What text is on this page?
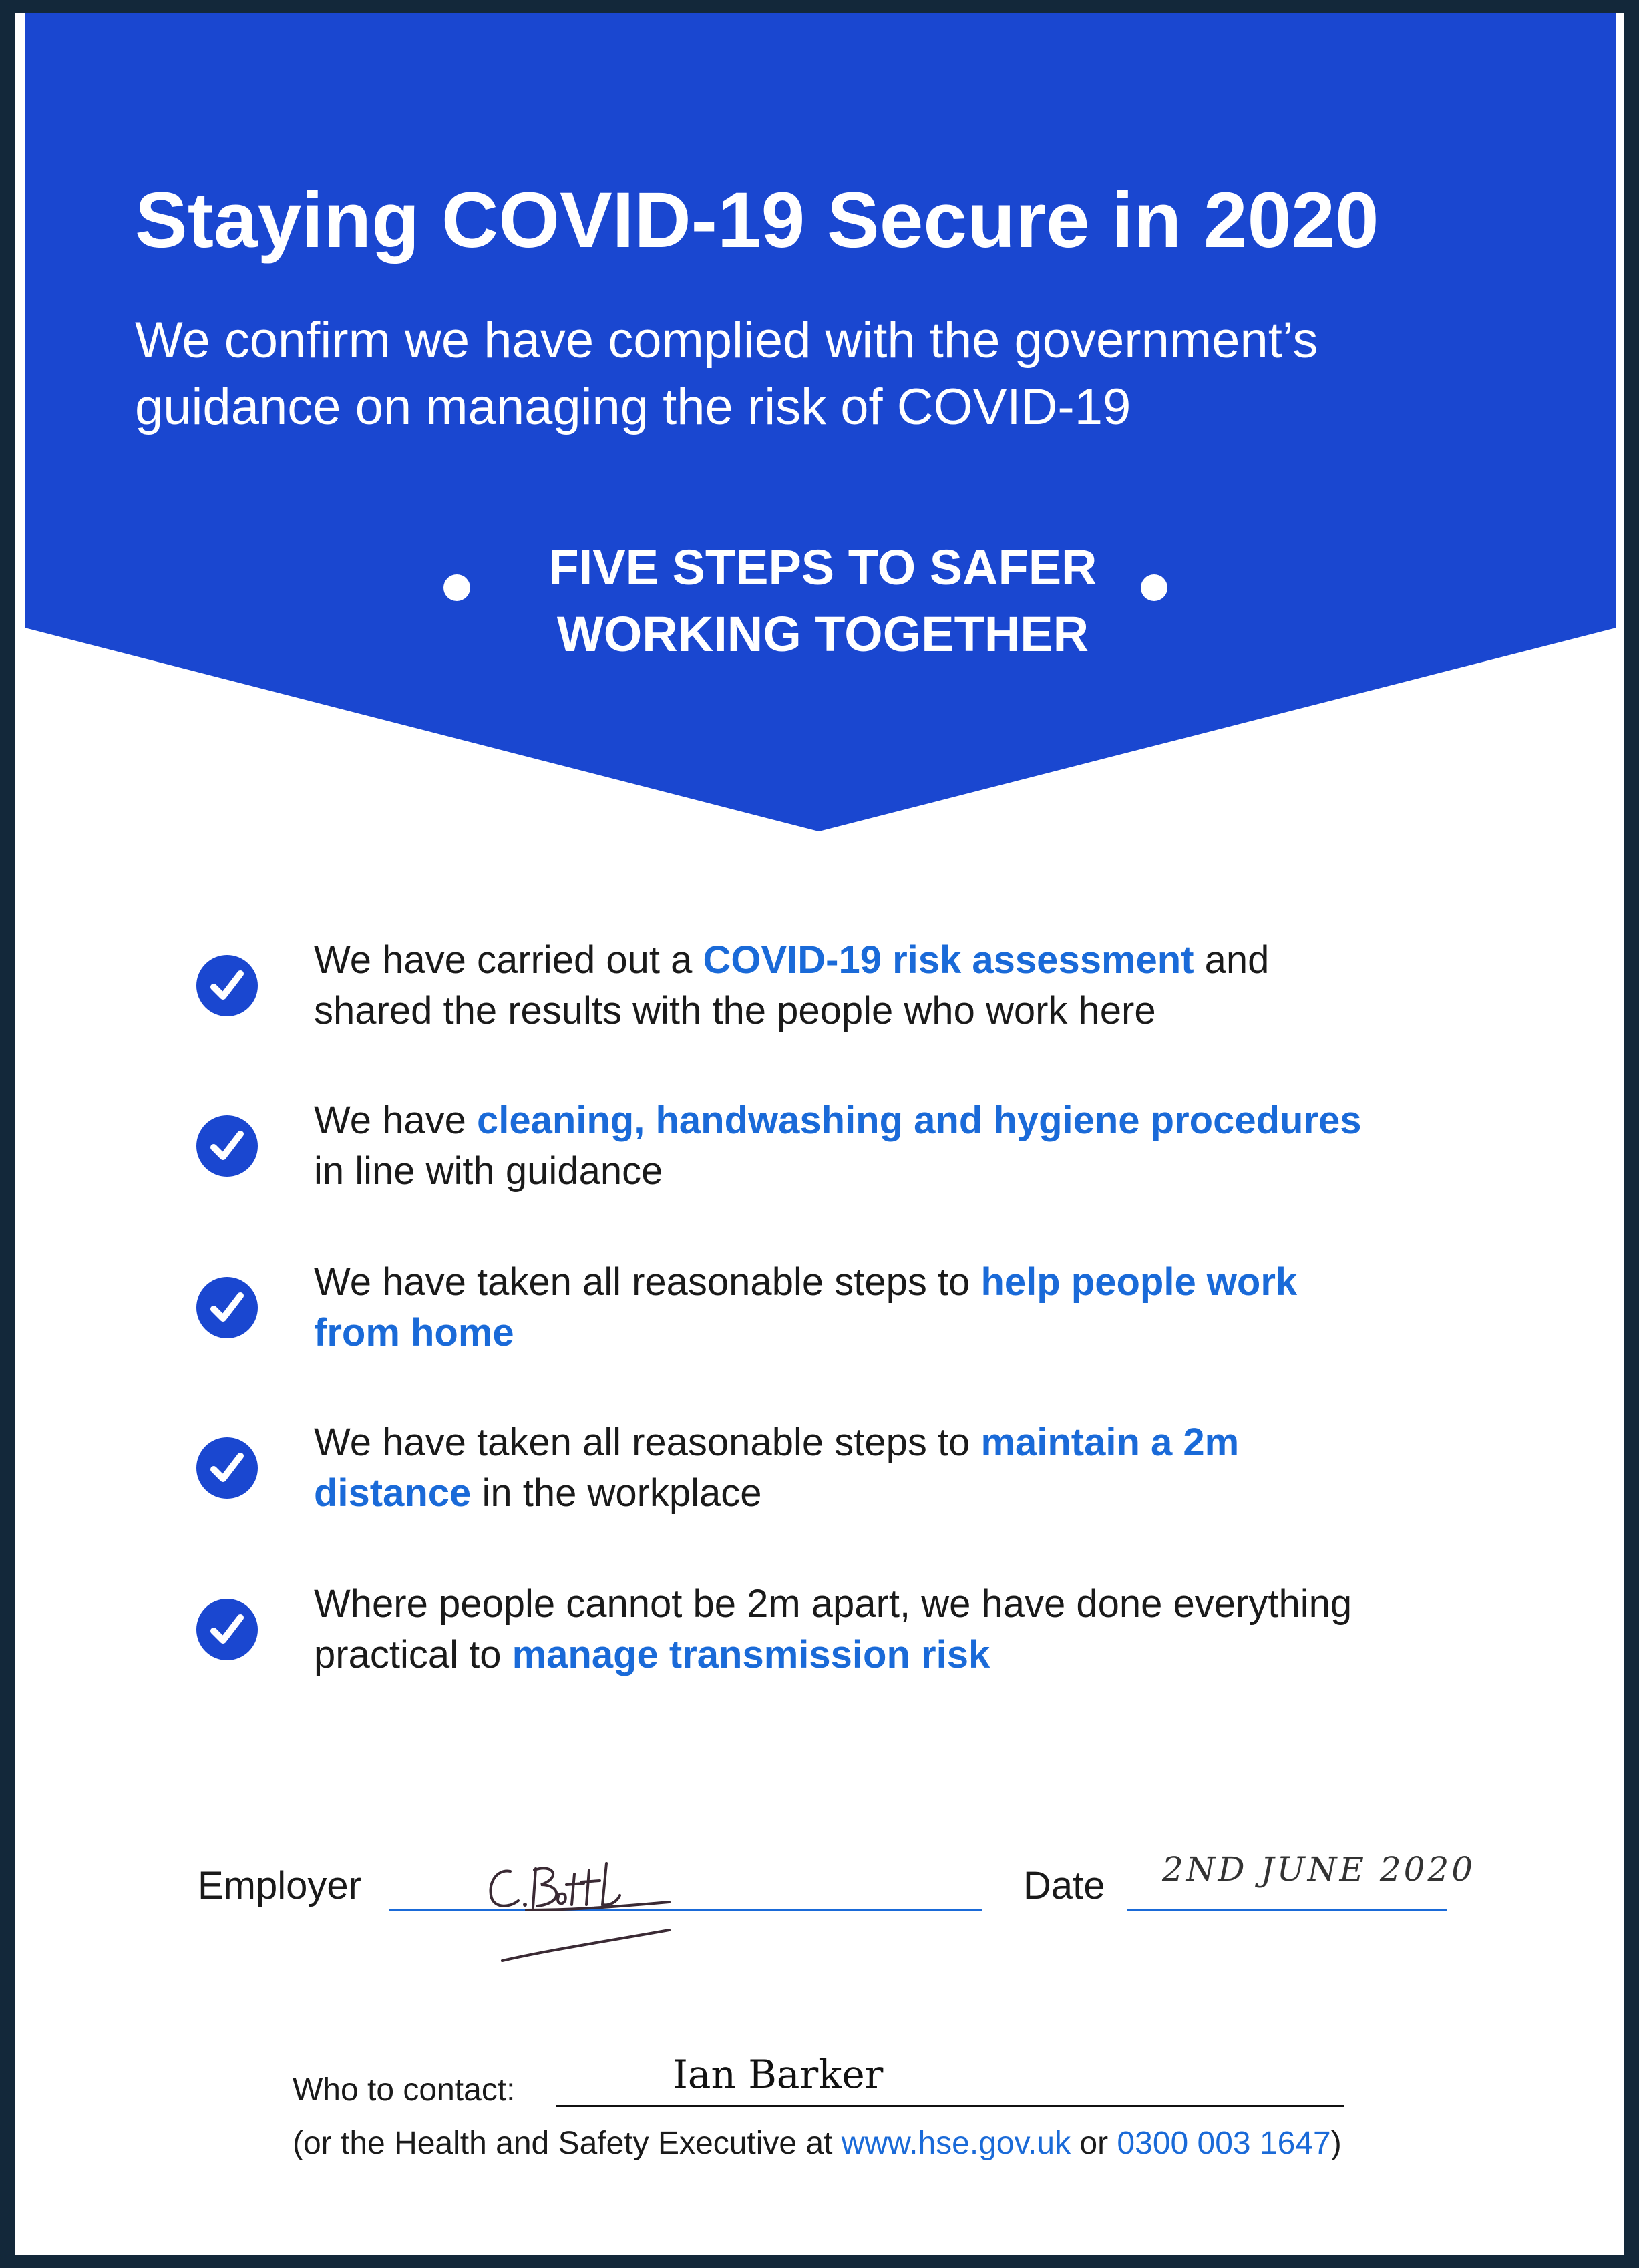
Staying COVID-19 Secure in 2020
We confirm we have complied with the government’s
guidance on managing the risk of COVID-19
FIVE STEPS TO SAFER
WORKING TOGETHER
We have carried out a COVID-19 risk assessment and
shared the results with the people who work here
We have cleaning, handwashing and hygiene procedures
in line with guidance
We have taken all reasonable steps to help people work
from home
We have taken all reasonable steps to maintain a 2m
distance in the workplace
Where people cannot be 2m apart, we have done everything
practical to manage transmission risk
Employer
C.Bottle
Date 2ND JUNE 2020
Who to contact:	Ian Barker
(or the Health and Safety Executive at www.hse.gov.uk or 0300 003 1647)
